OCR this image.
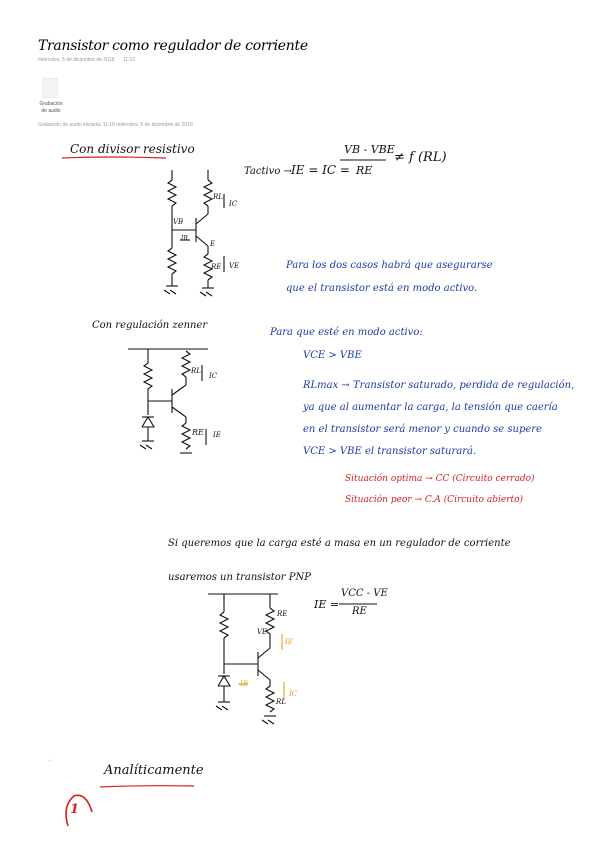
Transistor como regulador de corriente
miércoles, 5 de diciembre de 2018 11:13
Grabación
de audio
Grabación de audio iniciada: 11:16 miércoles, 5 de diciembre de 2018
Con divisor resistivo
Tactivo → IE = IC =
VB - VBE
RE
≠ f (RL)
RL
IC
VB
IB
E
RE VE	Para los dos casos habrá que asegurarse
que el transistor está en modo activo.
Con regulación zenner
RL
IC
RE IE
Para que esté en modo activo:
VCE > VBE
RLmax → Transistor saturado, perdida de regulación,
ya que al aumentar la carga, la tensión que caería
en el transistor será menor y cuando se supere
VCE > VBE el transistor saturará.
Situación optima → CC (Circuito cerrado)
Situación peor → C.A (Circuito abierto)
Si queremos que la carga esté a masa en un regulador de corriente
usaremos un transistor PNP
IE =
VCC - VE
RE
RE
VE
IE
IB
IC
RL
·
Analíticamente
1
